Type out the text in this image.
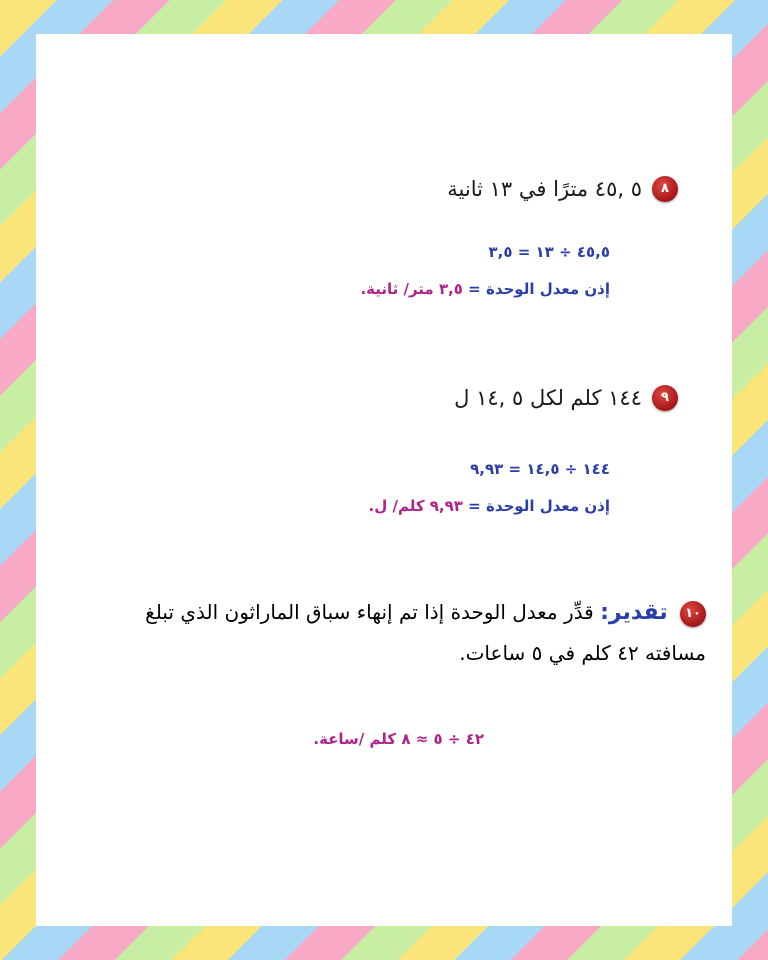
٨
٥ ,٤٥ مترًا في ١٣ ثانية
٤٥,٥ ÷ ١٣ = ٣,٥
إذن معدل الوحدة = ٣,٥ متر/ ثانية.
٩
١٤٤ كلم لكل ٥ ,١٤ ل
١٤٤ ÷ ١٤,٥ = ٩,٩٣
إذن معدل الوحدة = ٩,٩٣ كلم/ ل.
١٠ تقدير: قدِّر معدل الوحدة إذا تم إنهاء سباق الماراثون الذي تبلغ مسافته ٤٢ كلم في ٥ ساعات.
٤٢ ÷ ٥ ≈ ٨ كلم /ساعة.
